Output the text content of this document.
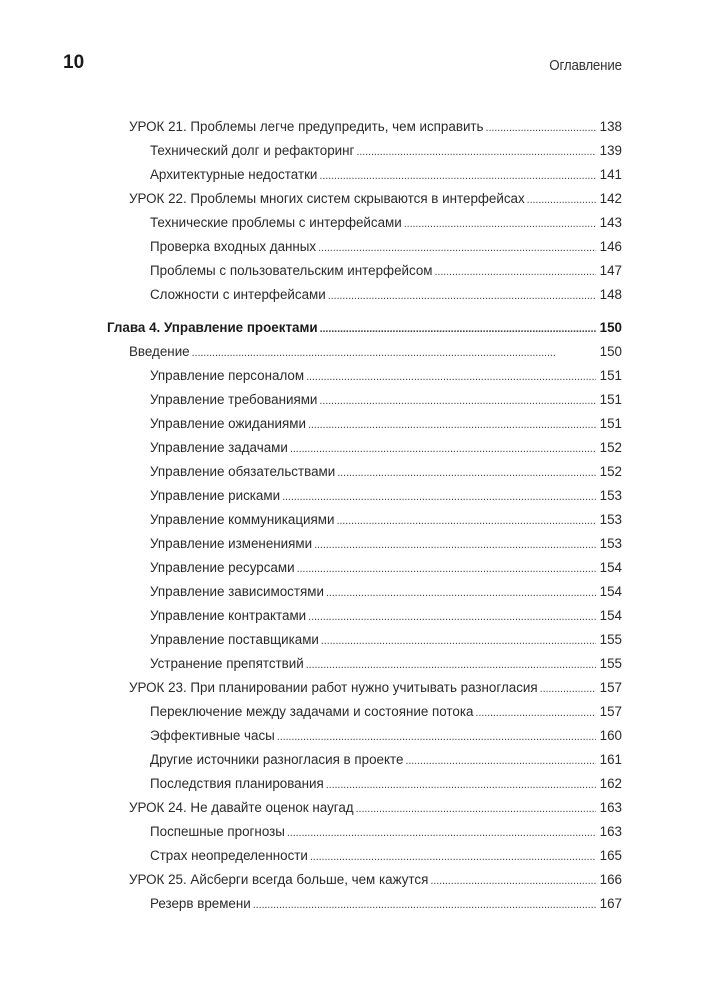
10	Оглавление
УРОК 21. Проблемы легче предупредить, чем исправить . . .	138
Технический долг и рефакторинг . . .	139
Архитектурные недостатки . . .	141
УРОК 22. Проблемы многих систем скрываются в интерфейсах . . .	142
Технические проблемы с интерфейсами . . .	143
Проверка входных данных . . .	146
Проблемы с пользовательским интерфейсом . . .	147
Сложности с интерфейсами . . .	148
Глава 4. Управление проектами . . .	150
Введение . . .	150
Управление персоналом . . .	151
Управление требованиями . . .	151
Управление ожиданиями . . .	151
Управление задачами . . .	152
Управление обязательствами . . .	152
Управление рисками . . .	153
Управление коммуникациями . . .	153
Управление изменениями . . .	153
Управление ресурсами . . .	154
Управление зависимостями . . .	154
Управление контрактами . . .	154
Управление поставщиками . . .	155
Устранение препятствий . . .	155
УРОК 23. При планировании работ нужно учитывать разногласия . . .	157
Переключение между задачами и состояние потока . . .	157
Эффективные часы . . .	160
Другие источники разногласия в проекте . . .	161
Последствия планирования . . .	162
УРОК 24. Не давайте оценок наугад . . .	163
Поспешные прогнозы . . .	163
Страх неопределенности . . .	165
УРОК 25. Айсберги всегда больше, чем кажутся . . .	166
Резерв времени . . .	167
